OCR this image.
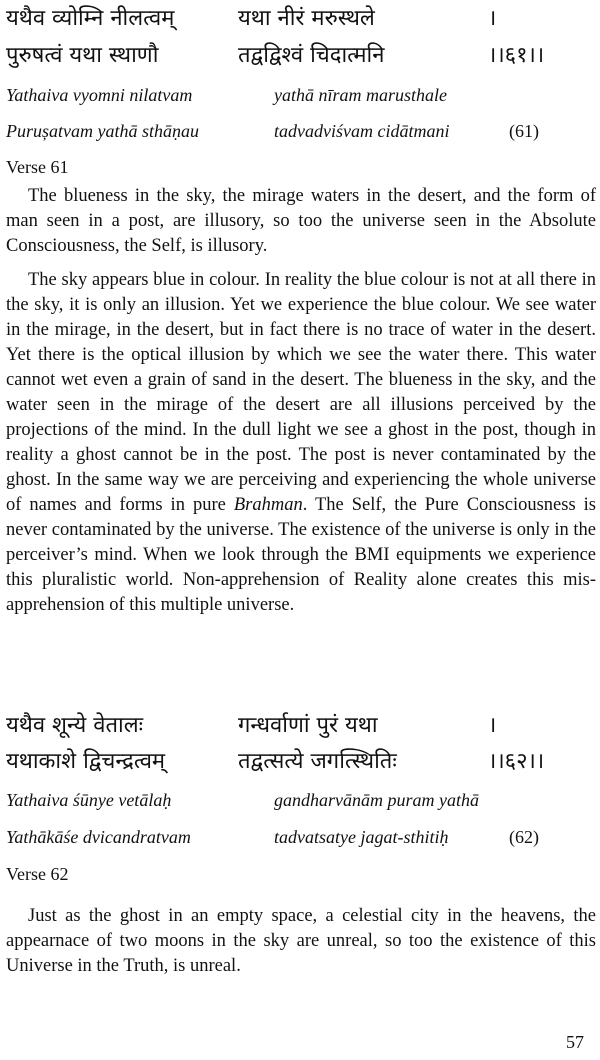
यथैव व्योम्नि नीलत्वम्	यथा नीरं मरुस्थले	।
पुरुषत्वं यथा स्थाणौ	तद्वद्विश्वं चिदात्मनि	।।६१।।
Yathaiva vyomni nilatvam	yathā nīram marusthale
Purușatvam yathā sthāṇau	tadvadviśvam cidātmani	(61)
Verse 61

The blueness in the sky, the mirage waters in the desert, and the form of man seen in a post, are illusory, so too the universe seen in the Absolute Consciousness, the Self, is illusory.

The sky appears blue in colour. In reality the blue colour is not at all there in the sky, it is only an illusion. Yet we experience the blue colour. We see water in the mirage, in the desert, but in fact there is no trace of water in the desert. Yet there is the optical illusion by which we see the water there. This water cannot wet even a grain of sand in the desert. The blueness in the sky, and the water seen in the mirage of the desert are all illusions perceived by the projections of the mind. In the dull light we see a ghost in the post, though in reality a ghost cannot be in the post. The post is never contaminated by the ghost. In the same way we are perceiving and experiencing the whole universe of names and forms in pure Brahman. The Self, the Pure Consciousness is never contaminated by the universe. The existence of the universe is only in the perceiver’s mind. When we look through the BMI equipments we experience this pluralistic world. Non-apprehension of Reality alone creates this mis-apprehension of this multiple universe.

यथैव शून्ये वेतालः	गन्धर्वाणां पुरं यथा	।
यथाकाशे द्विचन्द्रत्वम्	तद्वत्सत्ये जगत्स्थितिः	।।६२।।
Yathaiva śūnye vetālaḥ	gandharvānām puram yathā
Yathākāśe dvicandratvam	tadvatsatye jagat-sthitiḥ	(62)
Verse 62

Just as the ghost in an empty space, a celestial city in the heavens, the appearnace of two moons in the sky are unreal, so too the existence of this Universe in the Truth, is unreal.

57
